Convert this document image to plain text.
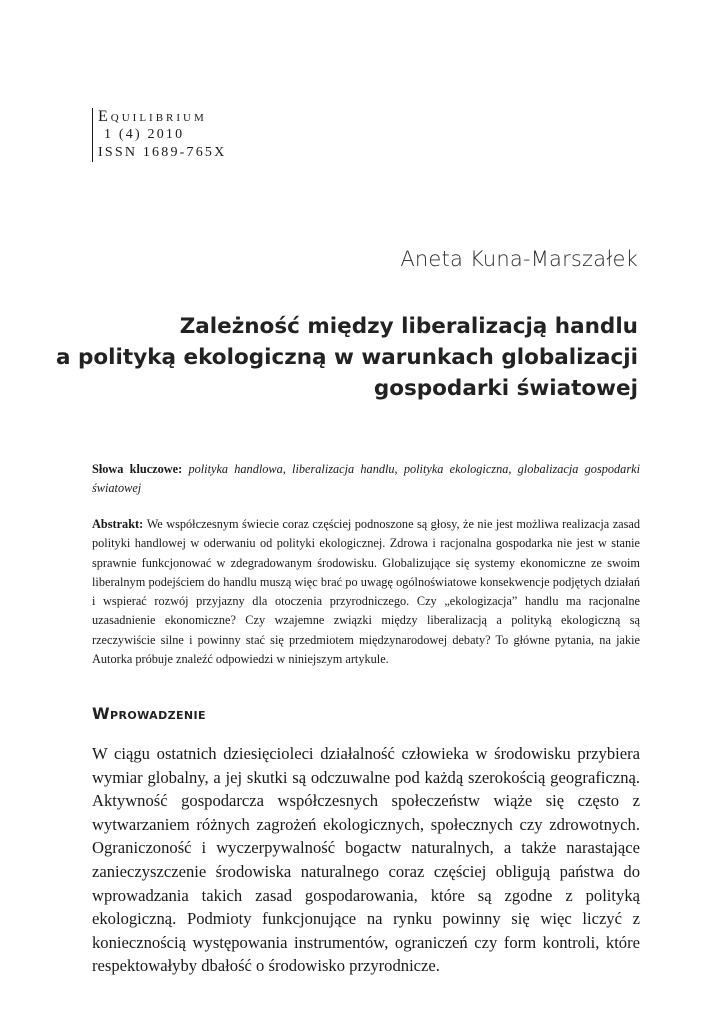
Equilibrium
1 (4) 2010
ISSN 1689-765X
Aneta Kuna-Marszałek
Zależność między liberalizacją handlu
a polityką ekologiczną w warunkach globalizacji
gospodarki światowej
Słowa kluczowe: polityka handlowa, liberalizacja handlu, polityka ekologiczna, globalizacja gospodarki światowej
Abstrakt: We współczesnym świecie coraz częściej podnoszone są głosy, że nie jest możliwa realizacja zasad polityki handlowej w oderwaniu od polityki ekologicznej. Zdrowa i racjonalna gospodarka nie jest w stanie sprawnie funkcjonować w zdegradowanym środowisku. Globalizujące się systemy ekonomiczne ze swoim liberalnym podejściem do handlu muszą więc brać po uwagę ogólnoświatowe konsekwencje podjętych działań i wspierać rozwój przyjazny dla otoczenia przyrodniczego. Czy „ekologizacja” handlu ma racjonalne uzasadnienie ekonomiczne? Czy wzajemne związki między liberalizacją a polityką ekologiczną są rzeczywiście silne i powinny stać się przedmiotem międzynarodowej debaty? To główne pytania, na jakie Autorka próbuje znaleźć odpowiedzi w niniejszym artykule.
Wprowadzenie
W ciągu ostatnich dziesięcioleci działalność człowieka w środowisku przybiera wymiar globalny, a jej skutki są odczuwalne pod każdą szerokością geograficzną. Aktywność gospodarcza współczesnych społeczeństw wiąże się często z wytwarzaniem różnych zagrożeń ekologicznych, społecznych czy zdrowotnych. Ograniczoność i wyczerpywalność bogactw naturalnych, a także narastające zanieczyszczenie środowiska naturalnego coraz częściej obligują państwa do wprowadzania takich zasad gospodarowania, które są zgodne z polityką ekologiczną. Podmioty funkcjonujące na rynku powinny się więc liczyć z koniecznością występowania instrumentów, ograniczeń czy form kontroli, które respektowałyby dbałość o środowisko przyrodnicze.
